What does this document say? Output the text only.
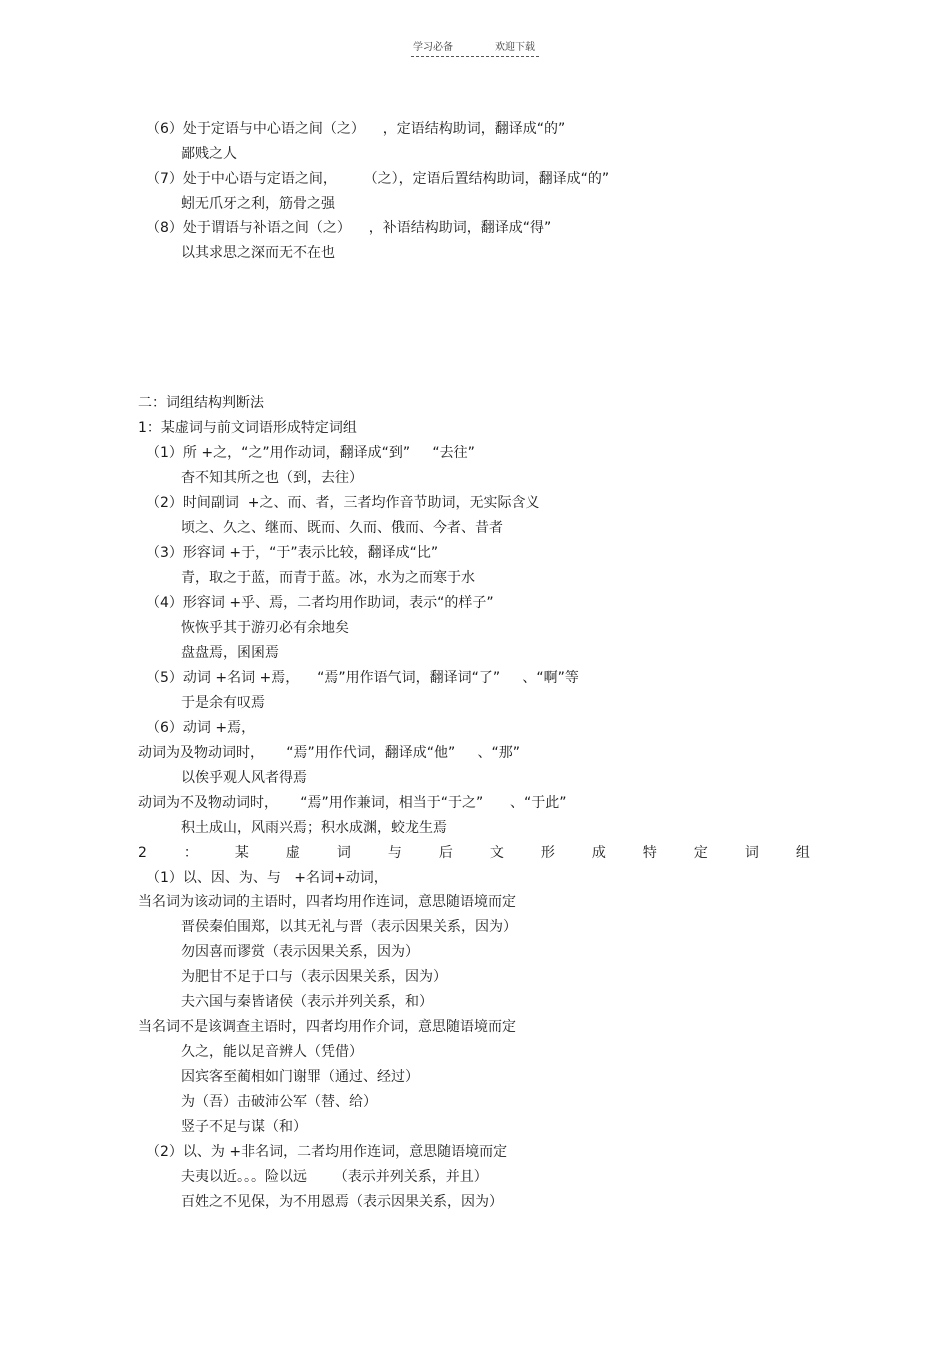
学习必备	欢迎下载
（6）处于定语与中心语之间（之）    ，定语结构助词，翻译成“的”
鄙贱之人
（7）处于中心语与定语之间，      （之），定语后置结构助词，翻译成“的”
蚓无爪牙之利，筋骨之强
（8）处于谓语与补语之间（之）    ，补语结构助词，翻译成“得”
以其求思之深而无不在也
二：词组结构判断法
1：某虚词与前文词语形成特定词组
（1）所 +之，“之”用作动词，翻译成“到”     “去往”
杳不知其所之也（到，去往）
（2）时间副词  +之、而、者，三者均作音节助词，无实际含义
顷之、久之、继而、既而、久而、俄而、今者、昔者
（3）形容词 +于，“于”表示比较，翻译成“比”
青，取之于蓝，而青于蓝。冰，水为之而寒于水
（4）形容词 +乎、焉，二者均用作助词，表示“的样子”
恢恢乎其于游刃必有余地矣
盘盘焉，囷囷焉
（5）动词 +名词 +焉，    “焉”用作语气词，翻译词“了”     、“啊”等
于是余有叹焉
（6）动词 +焉，
动词为及物动词时，     “焉”用作代词，翻译成“他”     、“那”
以俟乎观人风者得焉
动词为不及物动词时，     “焉”用作兼词，相当于“于之”      、“于此”
积土成山，风雨兴焉；积水成渊，蛟龙生焉
2	：	某	虚	词	与	后	文	形	成	特	定	词	组
（1）以、因、为、与   +名词+动词，
当名词为该动词的主语时，四者均用作连词，意思随语境而定
晋侯秦伯围郑，以其无礼与晋（表示因果关系，因为）
勿因喜而谬赏（表示因果关系，因为）
为肥甘不足于口与（表示因果关系，因为）
夫六国与秦皆诸侯（表示并列关系，和）
当名词不是该调查主语时，四者均用作介词，意思随语境而定
久之，能以足音辨人（凭借）
因宾客至蔺相如门谢罪（通过、经过）
为（吾）击破沛公军（替、给）
竖子不足与谋（和）
（2）以、为 +非名词，二者均用作连词，意思随语境而定
夫夷以近。。。险以远      （表示并列关系，并且）
百姓之不见保，为不用恩焉（表示因果关系，因为）
